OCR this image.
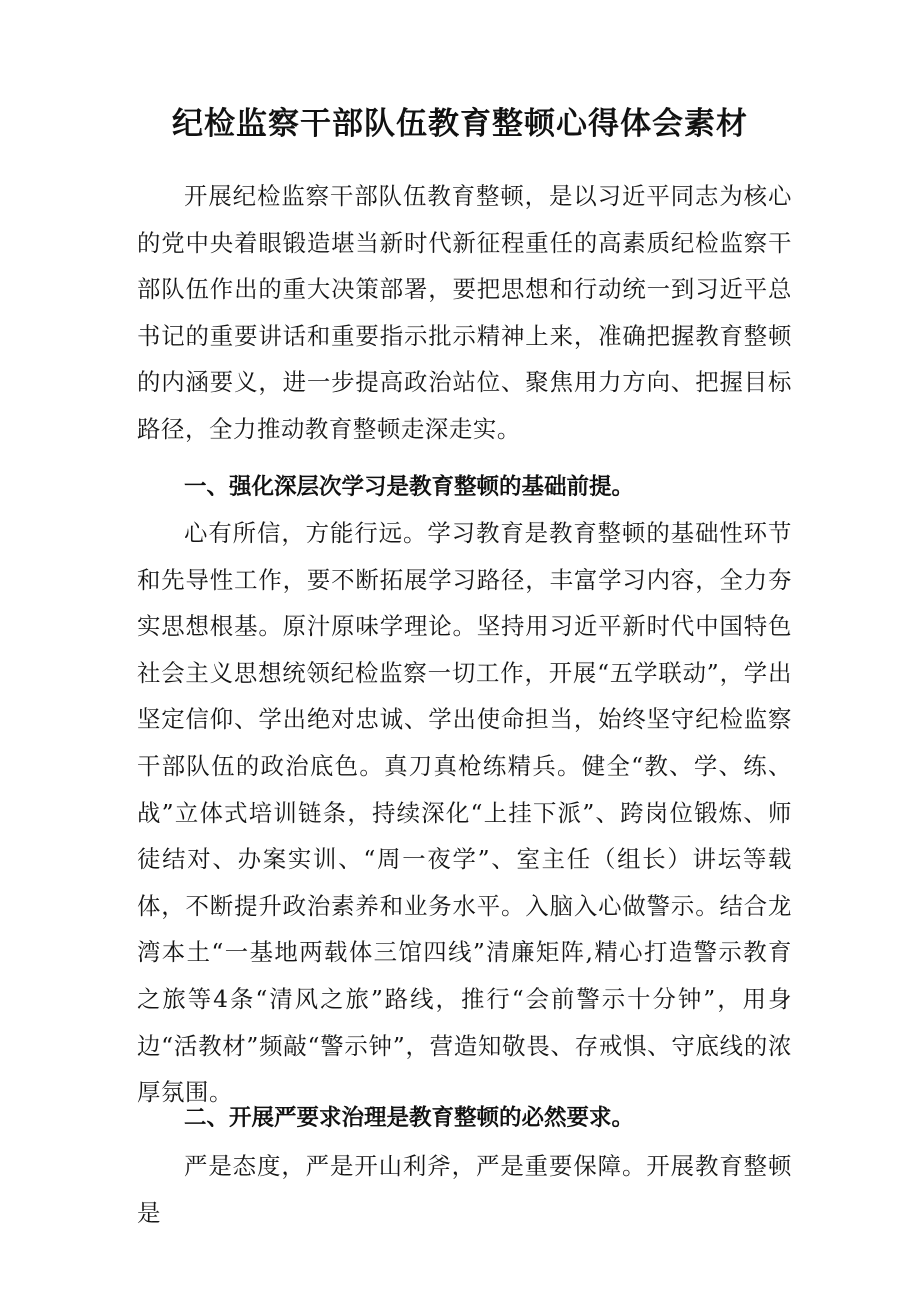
纪检监察干部队伍教育整顿心得体会素材

开展纪检监察干部队伍教育整顿，是以习近平同志为核心的党中央着眼锻造堪当新时代新征程重任的高素质纪检监察干部队伍作出的重大决策部署，要把思想和行动统一到习近平总书记的重要讲话和重要指示批示精神上来，准确把握教育整顿的内涵要义，进一步提高政治站位、聚焦用力方向、把握目标路径，全力推动教育整顿走深走实。

一、强化深层次学习是教育整顿的基础前提。

心有所信，方能行远。学习教育是教育整顿的基础性环节和先导性工作，要不断拓展学习路径，丰富学习内容，全力夯实思想根基。原汁原味学理论。坚持用习近平新时代中国特色社会主义思想统领纪检监察一切工作，开展“五学联动”，学出坚定信仰、学出绝对忠诚、学出使命担当，始终坚守纪检监察干部队伍的政治底色。真刀真枪练精兵。健全“教、学、练、战”立体式培训链条，持续深化“上挂下派”、跨岗位锻炼、师徒结对、办案实训、“周一夜学”、室主任（组长）讲坛等载体，不断提升政治素养和业务水平。入脑入心做警示。结合龙湾本土“一基地两载体三馆四线”清廉矩阵,精心打造警示教育之旅等4条“清风之旅”路线，推行“会前警示十分钟”，用身边“活教材”频敲“警示钟”，营造知敬畏、存戒惧、守底线的浓厚氛围。

二、开展严要求治理是教育整顿的必然要求。

严是态度，严是开山利斧，严是重要保障。开展教育整顿是
